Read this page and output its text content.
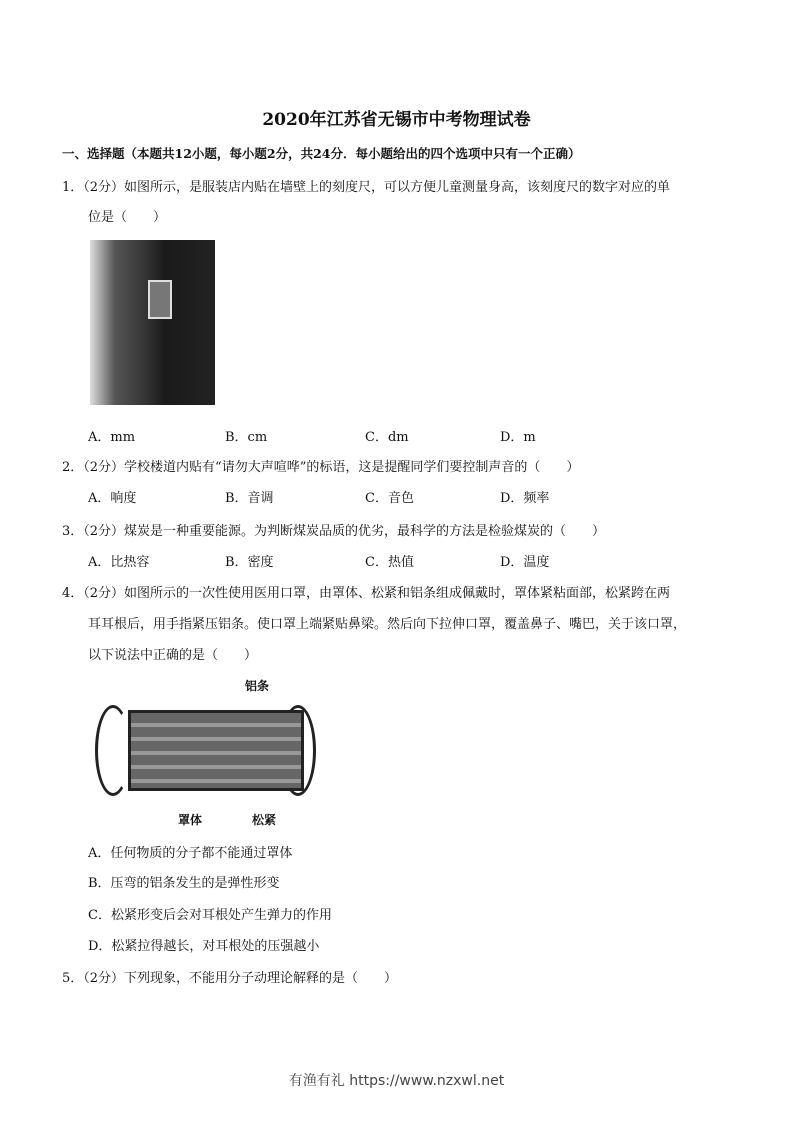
2020年江苏省无锡市中考物理试卷
一、选择题（本题共12小题，每小题2分，共24分．每小题给出的四个选项中只有一个正确）
1．（2分）如图所示，是服装店内贴在墙壁上的刻度尺，可以方便儿童测量身高，该刻度尺的数字对应的单
位是（　　）
A．mm	B．cm	C．dm	D．m
2．（2分）学校楼道内贴有“请勿大声喧哗”的标语，这是提醒同学们要控制声音的（　　）
A．响度	B．音调	C．音色	D．频率
3．（2分）煤炭是一种重要能源。为判断煤炭品质的优劣，最科学的方法是检验煤炭的（　　）
A．比热容	B．密度	C．热值	D．温度
4．（2分）如图所示的一次性使用医用口罩，由罩体、松紧和铝条组成佩戴时，罩体紧粘面部，松紧跨在两
耳耳根后，用手指紧压铝条。使口罩上端紧贴鼻梁。然后向下拉伸口罩，覆盖鼻子、嘴巴，关于该口罩，
以下说法中正确的是（　　）
铝条
罩体	松紧
A．任何物质的分子都不能通过罩体
B．压弯的铝条发生的是弹性形变
C．松紧形变后会对耳根处产生弹力的作用
D．松紧拉得越长，对耳根处的压强越小
5．（2分）下列现象，不能用分子动理论解释的是（　　）
有渔有礼 https://www.nzxwl.net
